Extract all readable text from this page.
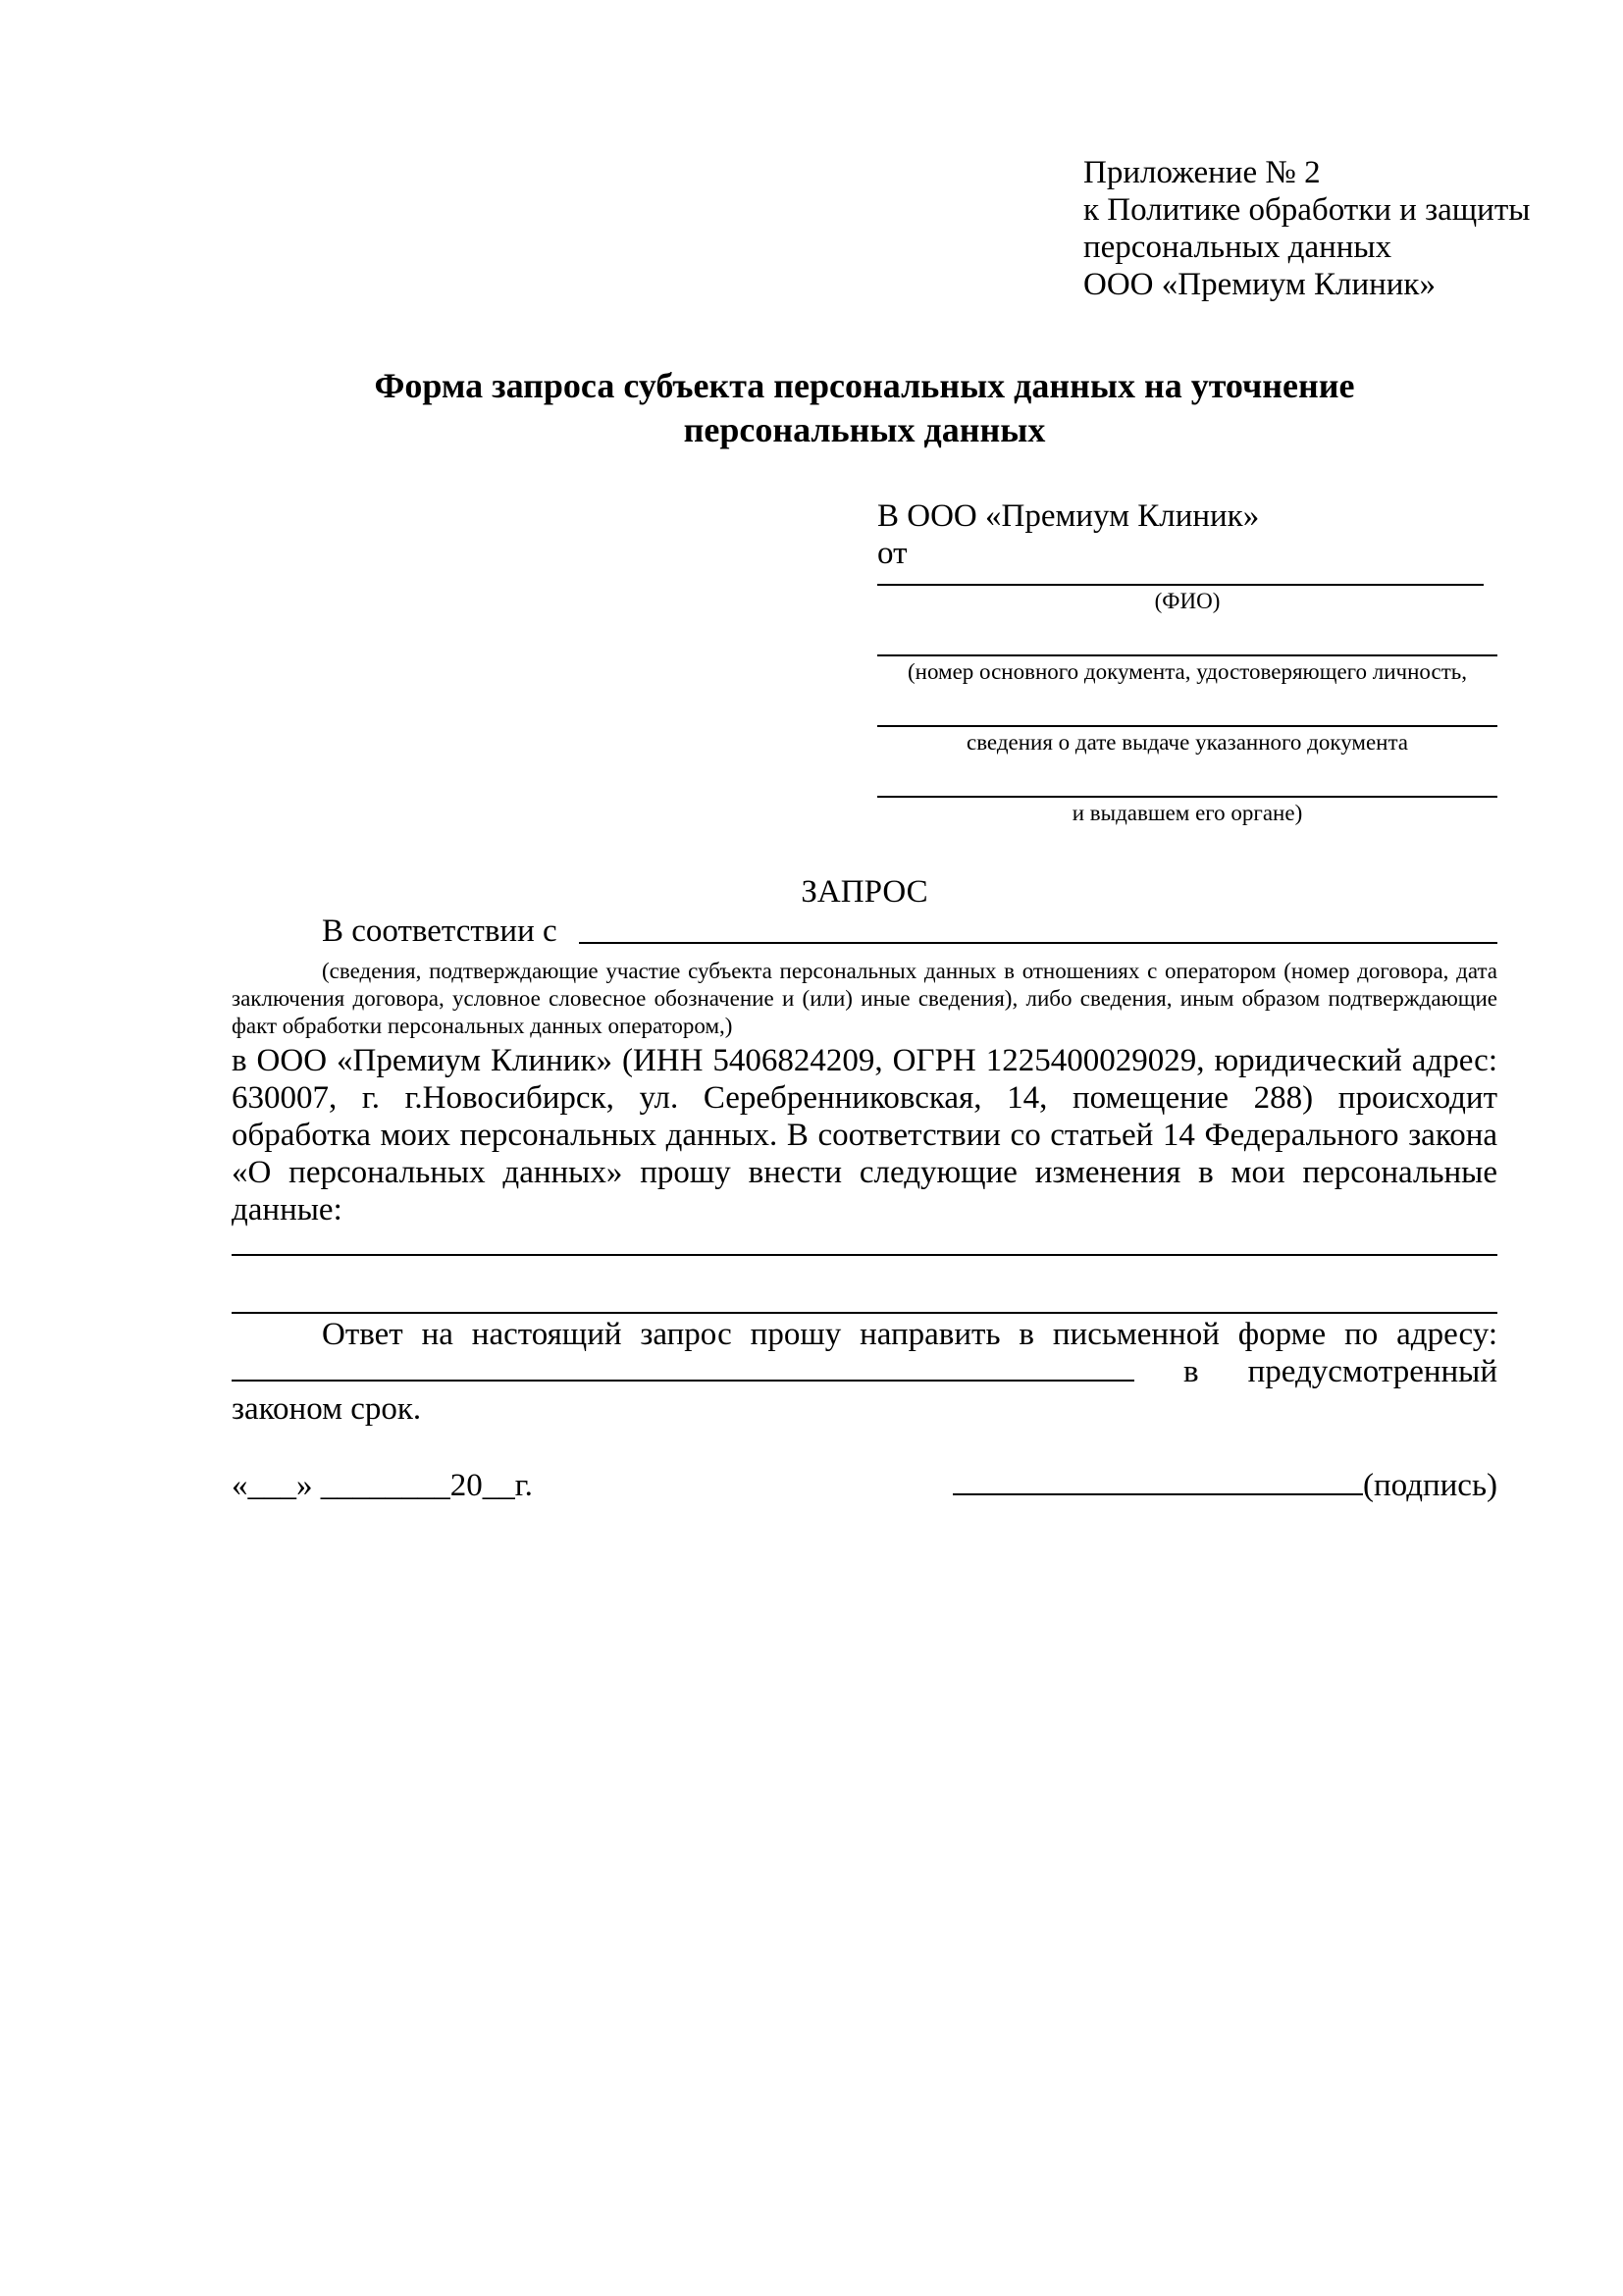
Приложение № 2
к Политике обработки и защиты
персональных данных
ООО «Премиум Клиник»
Форма запроса субъекта персональных данных на уточнение персональных данных
В ООО «Премиум Клиник»
от
(ФИО)
(номер основного документа, удостоверяющего личность,
сведения о дате выдаче указанного документа
и выдавшем его органе)
ЗАПРОС
В соответствии с

(сведения, подтверждающие участие субъекта персональных данных в отношениях с оператором (номер договора, дата заключения договора, условное словесное обозначение и (или) иные сведения), либо сведения, иным образом подтверждающие факт обработки персональных данных оператором,)

в ООО «Премиум Клиник» (ИНН 5406824209, ОГРН 1225400029029, юридический адрес: 630007, г. г.Новосибирск, ул. Серебренниковская, 14, помещение 288) происходит обработка моих персональных данных. В соответствии со статьей 14 Федерального закона «О персональных данных» прошу внести следующие изменения в мои персональные данные:

Ответ на настоящий запрос прошу направить в письменной форме по адресу:  в предусмотренный законом срок.

«___» ________20__г.	(подпись)
